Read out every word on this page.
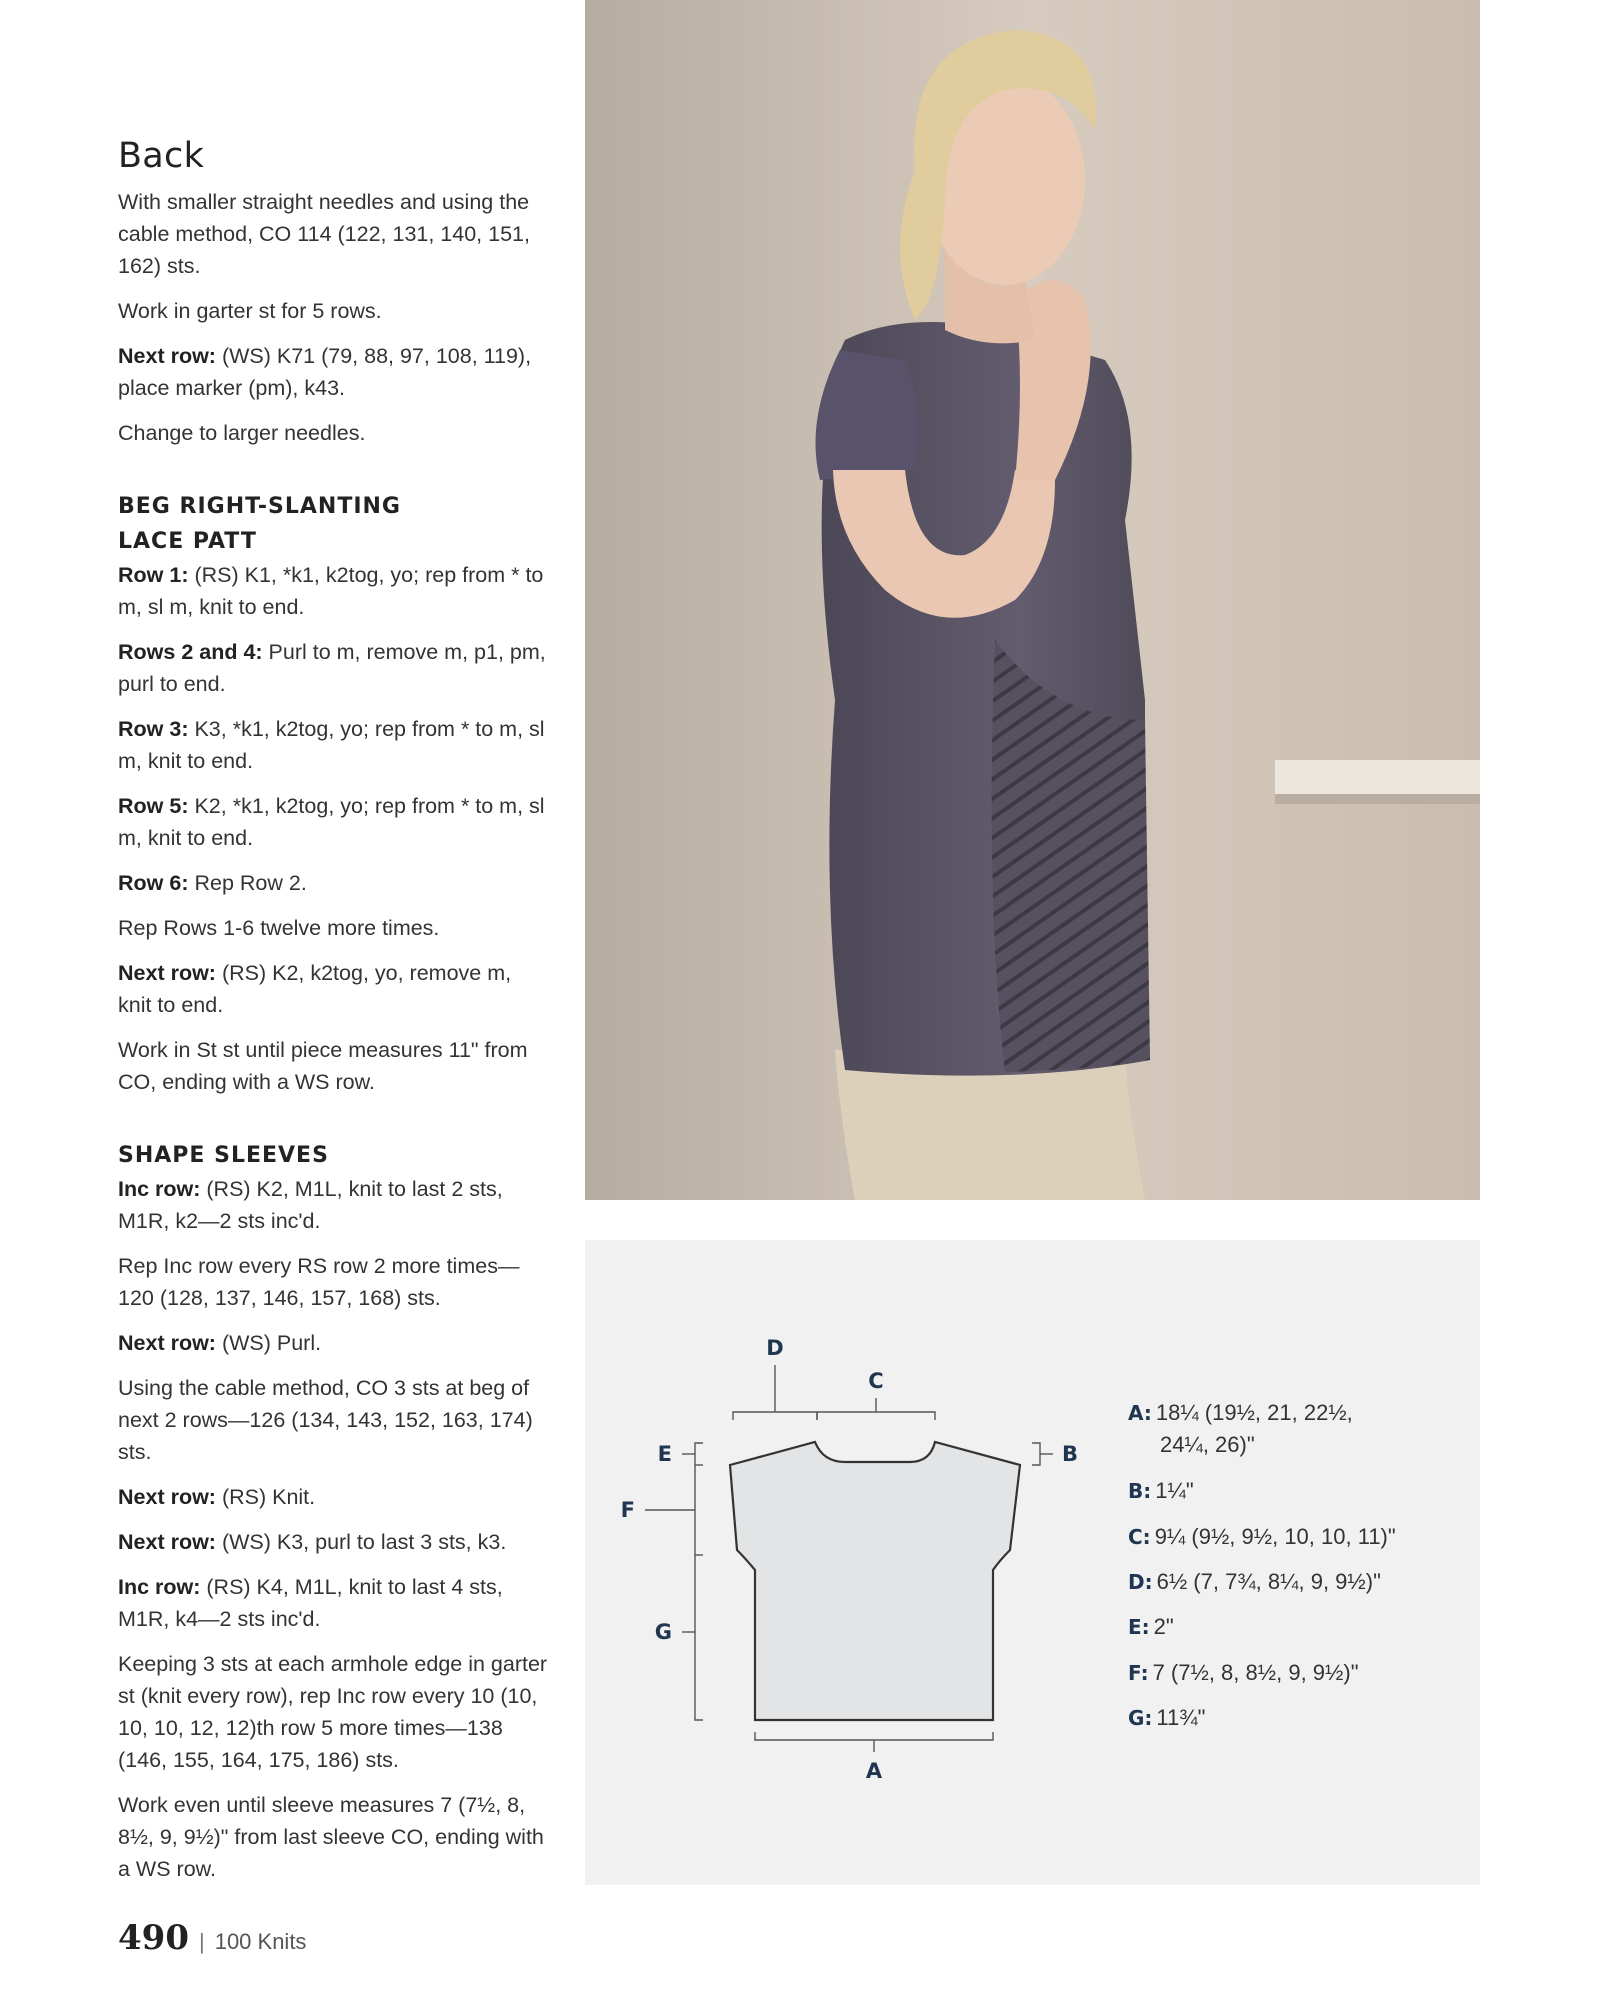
Back

With smaller straight needles and using the cable method, CO 114 (122, 131, 140, 151, 162) sts.

Work in garter st for 5 rows.

Next row: (WS) K71 (79, 88, 97, 108, 119), place marker (pm), k43.

Change to larger needles.

BEG RIGHT-SLANTING
LACE PATT

Row 1: (RS) K1, *k1, k2tog, yo; rep from * to m, sl m, knit to end.

Rows 2 and 4: Purl to m, remove m, p1, pm, purl to end.

Row 3: K3, *k1, k2tog, yo; rep from * to m, sl m, knit to end.

Row 5: K2, *k1, k2tog, yo; rep from * to m, sl m, knit to end.

Row 6: Rep Row 2.

Rep Rows 1-6 twelve more times.

Next row: (RS) K2, k2tog, yo, remove m, knit to end.

Work in St st until piece measures 11" from CO, ending with a WS row.

SHAPE SLEEVES

Inc row: (RS) K2, M1L, knit to last 2 sts, M1R, k2—2 sts inc'd.

Rep Inc row every RS row 2 more times—120 (128, 137, 146, 157, 168) sts.

Next row: (WS) Purl.

Using the cable method, CO 3 sts at beg of next 2 rows—126 (134, 143, 152, 163, 174) sts.

Next row: (RS) Knit.

Next row: (WS) K3, purl to last 3 sts, k3.

Inc row: (RS) K4, M1L, knit to last 4 sts, M1R, k4—2 sts inc'd.

Keeping 3 sts at each armhole edge in garter st (knit every row), rep Inc row every 10 (10, 10, 10, 12, 12)th row 5 more times—138 (146, 155, 164, 175, 186) sts.

Work even until sleeve measures 7 (7½, 8, 8½, 9, 9½)" from last sleeve CO, ending with a WS row.

D
C
B
E
F
G
A
A: 18¼ (19½, 21, 22½,
24¼, 26)"
B: 1¼"
C: 9¼ (9½, 9½, 10, 10, 11)"
D: 6½ (7, 7¾, 8¼, 9, 9½)"
E: 2"
F: 7 (7½, 8, 8½, 9, 9½)"
G: 11¾"
490 | 100 Knits
